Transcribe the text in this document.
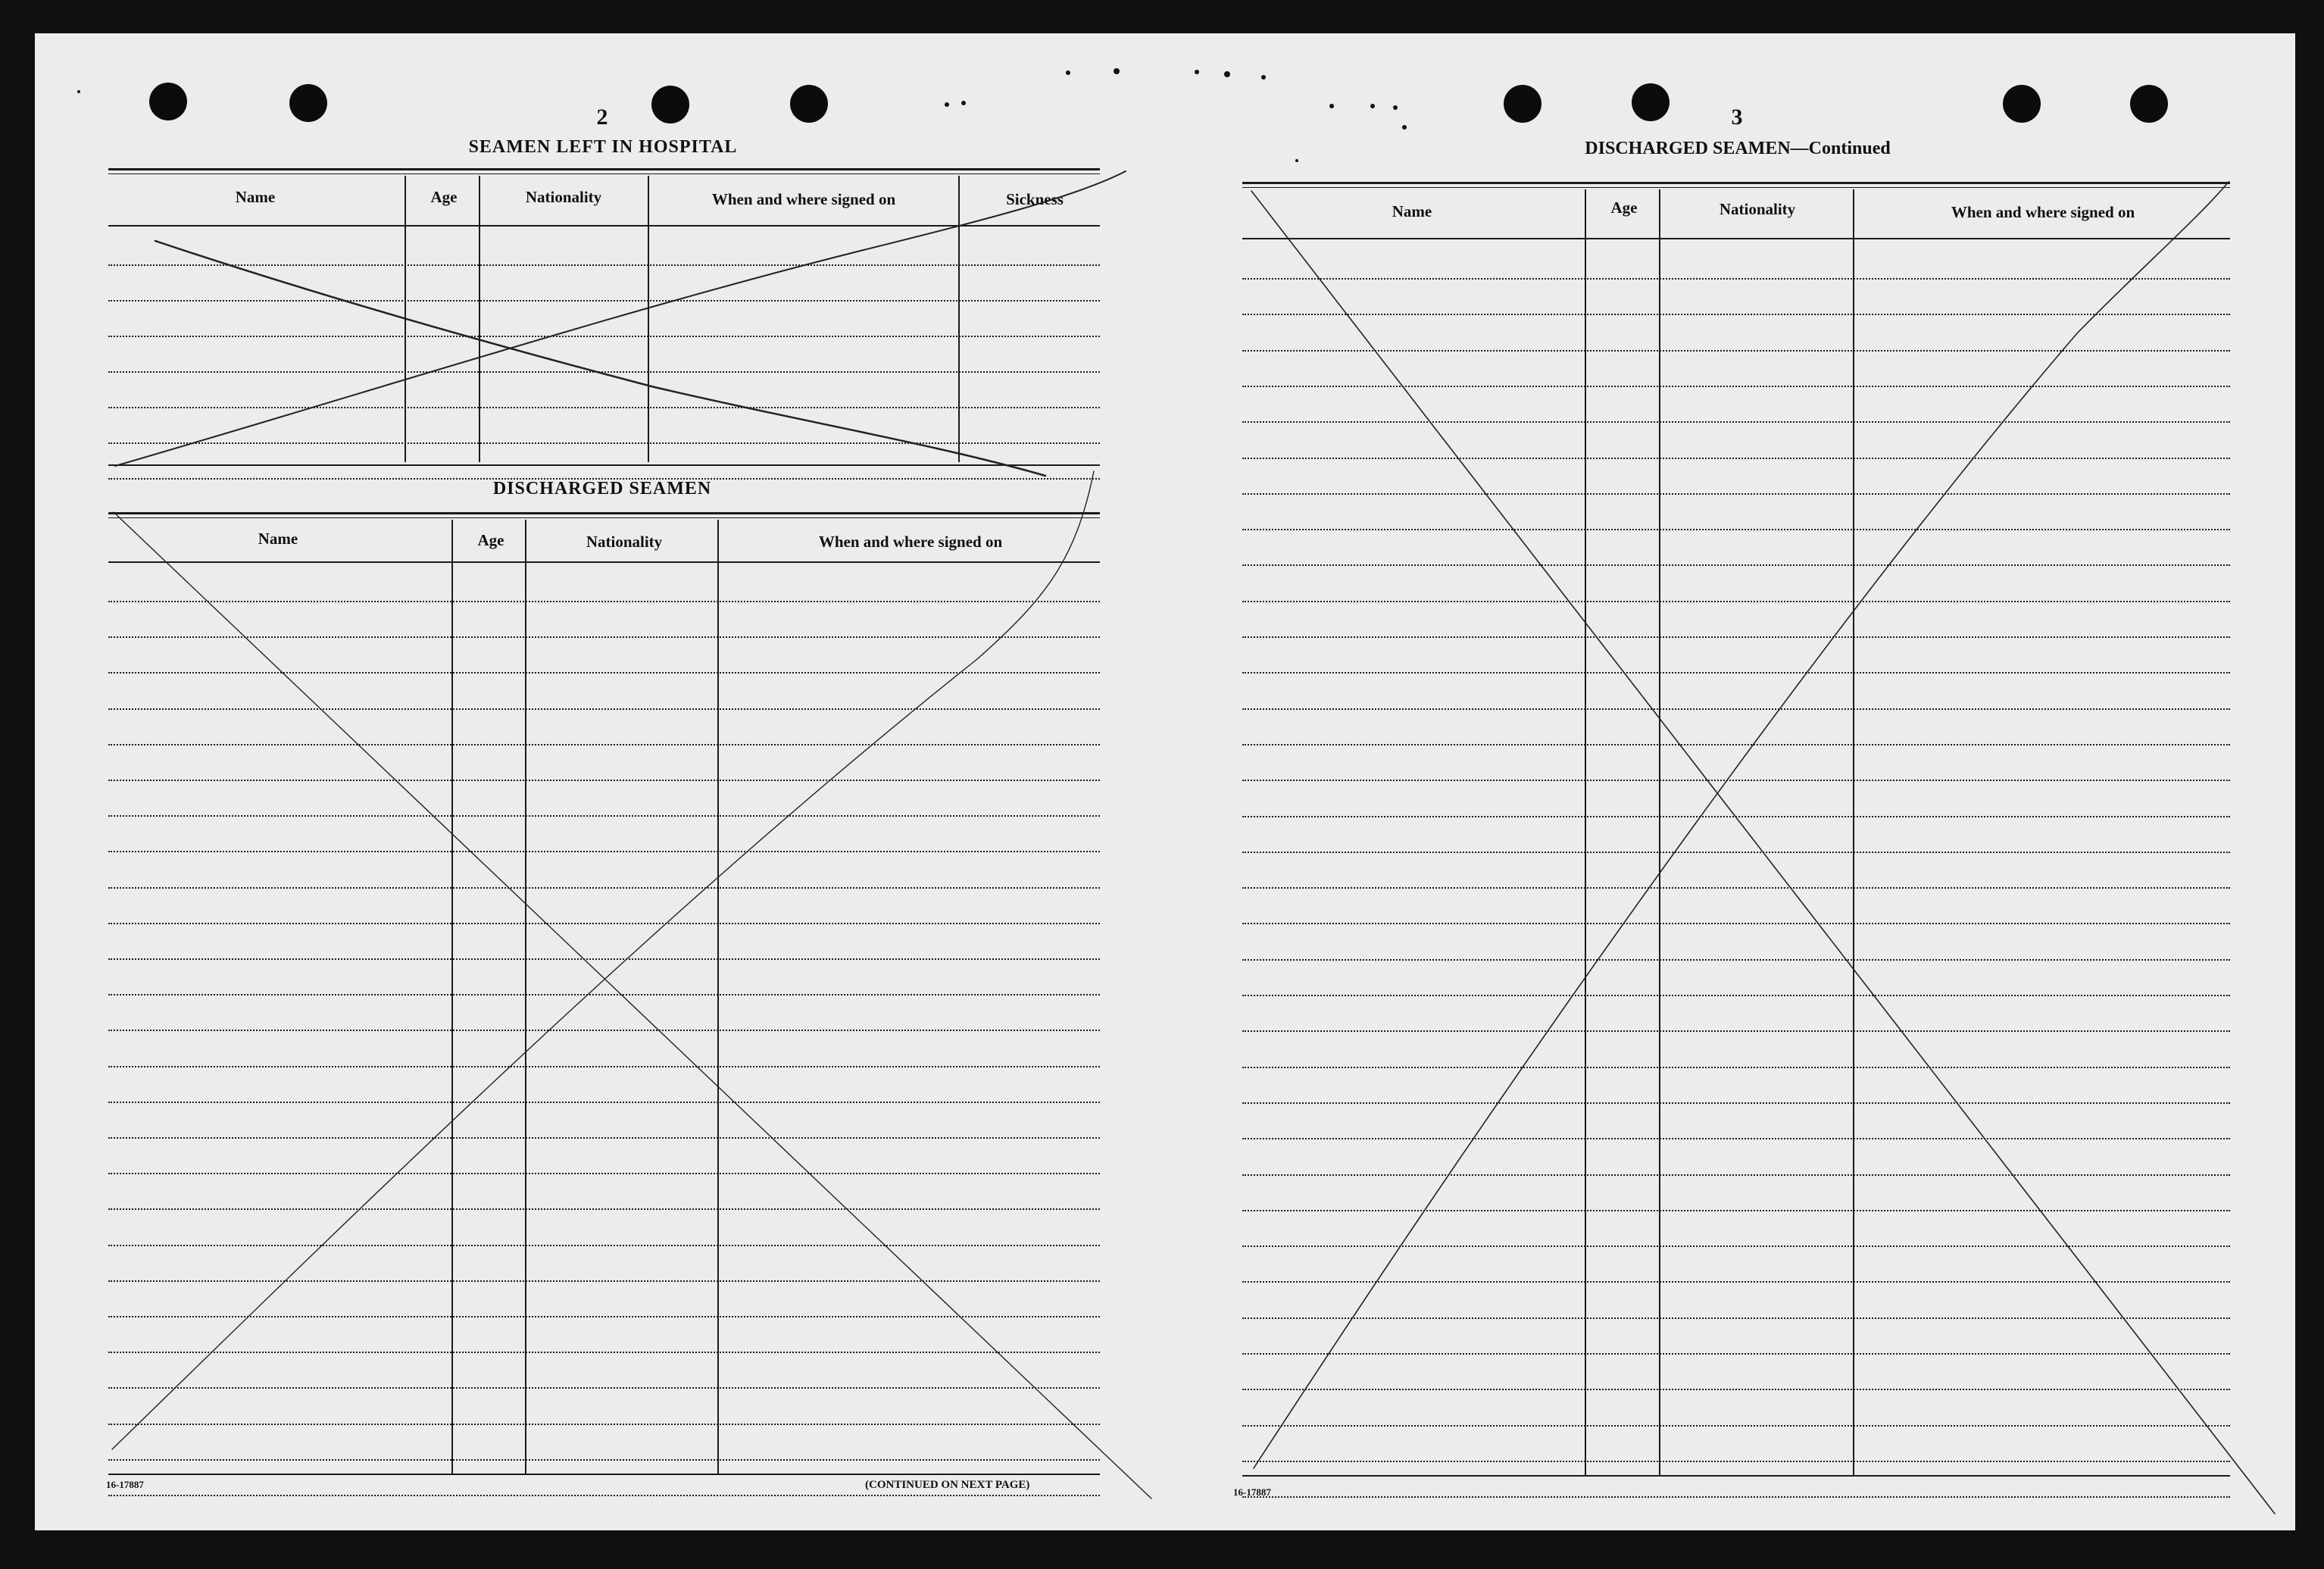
2
SEAMEN LEFT IN HOSPITAL
Name	Age	Nationality	When and where signed on	Sickness
DISCHARGED SEAMEN
Name	Age	Nationality	When and where signed on
16-17887	(CONTINUED ON NEXT PAGE)
3
DISCHARGED SEAMEN—Continued
Name	Age	Nationality	When and where signed on
16-17887
